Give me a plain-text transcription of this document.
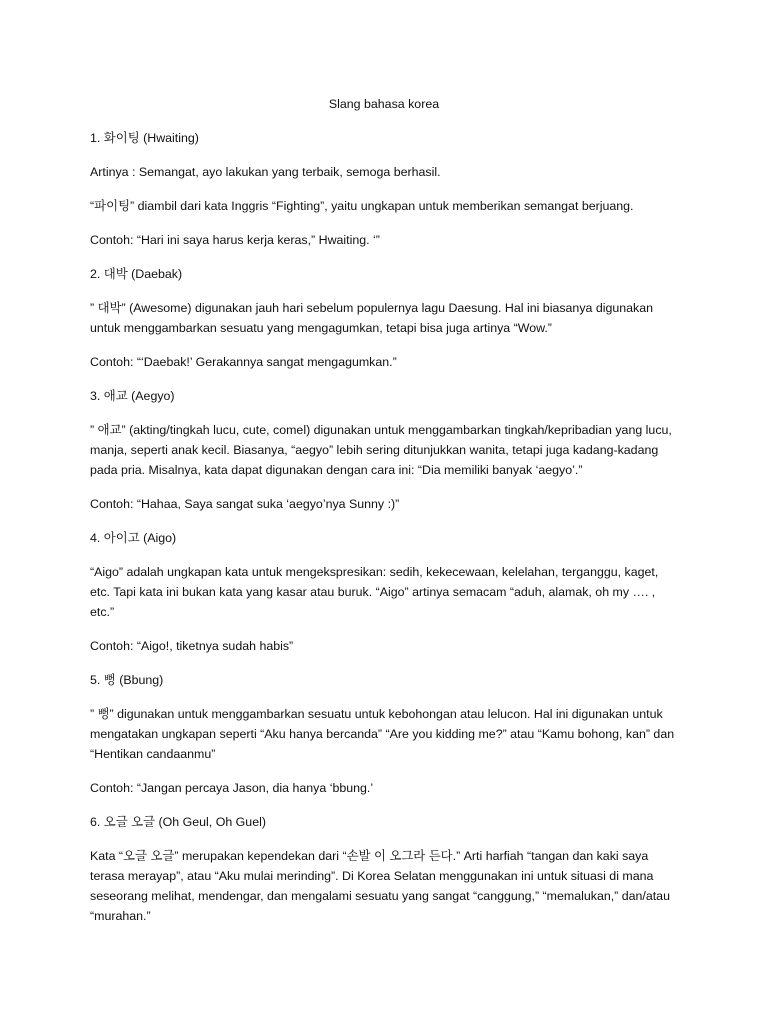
Slang bahasa korea
1. 화이팅 (Hwaiting)
Artinya : Semangat, ayo lakukan yang terbaik, semoga berhasil.
“파이팅” diambil dari kata Inggris “Fighting”, yaitu ungkapan untuk memberikan semangat berjuang.
Contoh: “Hari ini saya harus kerja keras,” Hwaiting. ‘”
2. 대박 (Daebak)
” 대박” (Awesome) digunakan jauh hari sebelum populernya lagu Daesung. Hal ini biasanya digunakan untuk menggambarkan sesuatu yang mengagumkan, tetapi bisa juga artinya “Wow.”
Contoh: “‘Daebak!’ Gerakannya sangat mengagumkan.”
3. 애교 (Aegyo)
” 애교” (akting/tingkah lucu, cute, comel) digunakan untuk menggambarkan tingkah/kepribadian yang lucu, manja, seperti anak kecil. Biasanya, “aegyo” lebih sering ditunjukkan wanita, tetapi juga kadang-kadang pada pria. Misalnya, kata dapat digunakan dengan cara ini: “Dia memiliki banyak ‘aegyo’.”
Contoh: “Hahaa, Saya sangat suka ‘aegyo’nya Sunny :)”
4. 아이고 (Aigo)
“Aigo” adalah ungkapan kata untuk mengekspresikan: sedih, kekecewaan, kelelahan, terganggu, kaget, etc. Tapi kata ini bukan kata yang kasar atau buruk. “Aigo” artinya semacam “aduh, alamak, oh my …. , etc.”
Contoh: “Aigo!, tiketnya sudah habis”
5. 뻥 (Bbung)
” 뻥” digunakan untuk menggambarkan sesuatu untuk kebohongan atau lelucon. Hal ini digunakan untuk mengatakan ungkapan seperti “Aku hanya bercanda” “Are you kidding me?” atau “Kamu bohong, kan” dan “Hentikan candaanmu”
Contoh: “Jangan percaya Jason, dia hanya ‘bbung.’
6. 오글 오글 (Oh Geul, Oh Guel)
Kata “오글 오글” merupakan kependekan dari “손발 이 오그라 든다.” Arti harfiah “tangan dan kaki saya terasa merayap”, atau “Aku mulai merinding”. Di Korea Selatan menggunakan ini untuk situasi di mana seseorang melihat, mendengar, dan mengalami sesuatu yang sangat “canggung,” “memalukan,” dan/atau “murahan.”
